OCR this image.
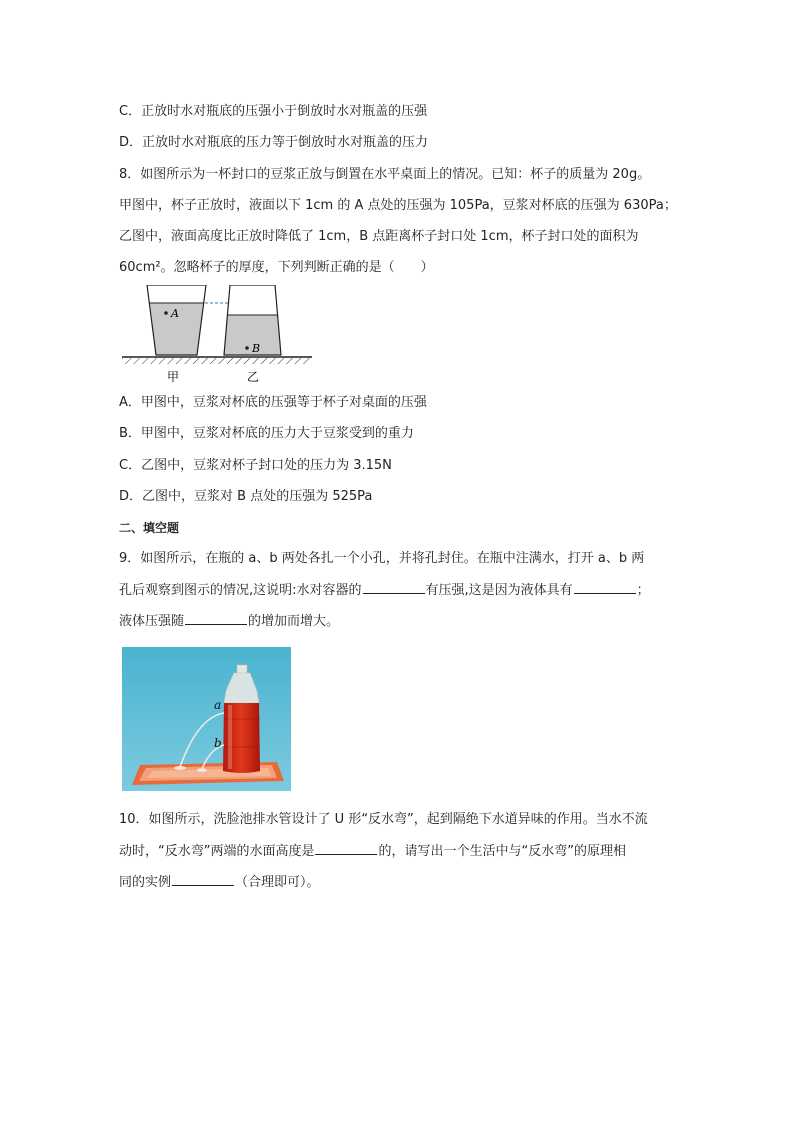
C．正放时水对瓶底的压强小于倒放时水对瓶盖的压强
D．正放时水对瓶底的压力等于倒放时水对瓶盖的压力
8．如图所示为一杯封口的豆浆正放与倒置在水平桌面上的情况。已知：杯子的质量为 20g。
甲图中，杯子正放时，液面以下 1cm 的 A 点处的压强为 105Pa，豆浆对杯底的压强为 630Pa；
乙图中，液面高度比正放时降低了 1cm，B 点距离杯子封口处 1cm，杯子封口处的面积为
60cm²。忽略杯子的厚度，下列判断正确的是（　　）
A
B
甲	乙
A．甲图中，豆浆对杯底的压强等于杯子对桌面的压强
B．甲图中，豆浆对杯底的压力大于豆浆受到的重力
C．乙图中，豆浆对杯子封口处的压力为 3.15N
D．乙图中，豆浆对 B 点处的压强为 525Pa
二、填空题
9．如图所示，在瓶的 a、b 两处各扎一个小孔，并将孔封住。在瓶中注满水，打开 a、b 两
孔后观察到图示的情况,这说明:水对容器的	有压强,这是因为液体具有	；
液体压强随	的增加而增大。
a
b
10．如图所示，洗脸池排水管设计了 U 形“反水弯”，起到隔绝下水道异味的作用。当水不流
动时，“反水弯”两端的水面高度是	的，请写出一个生活中与“反水弯”的原理相
同的实例	（合理即可）。
